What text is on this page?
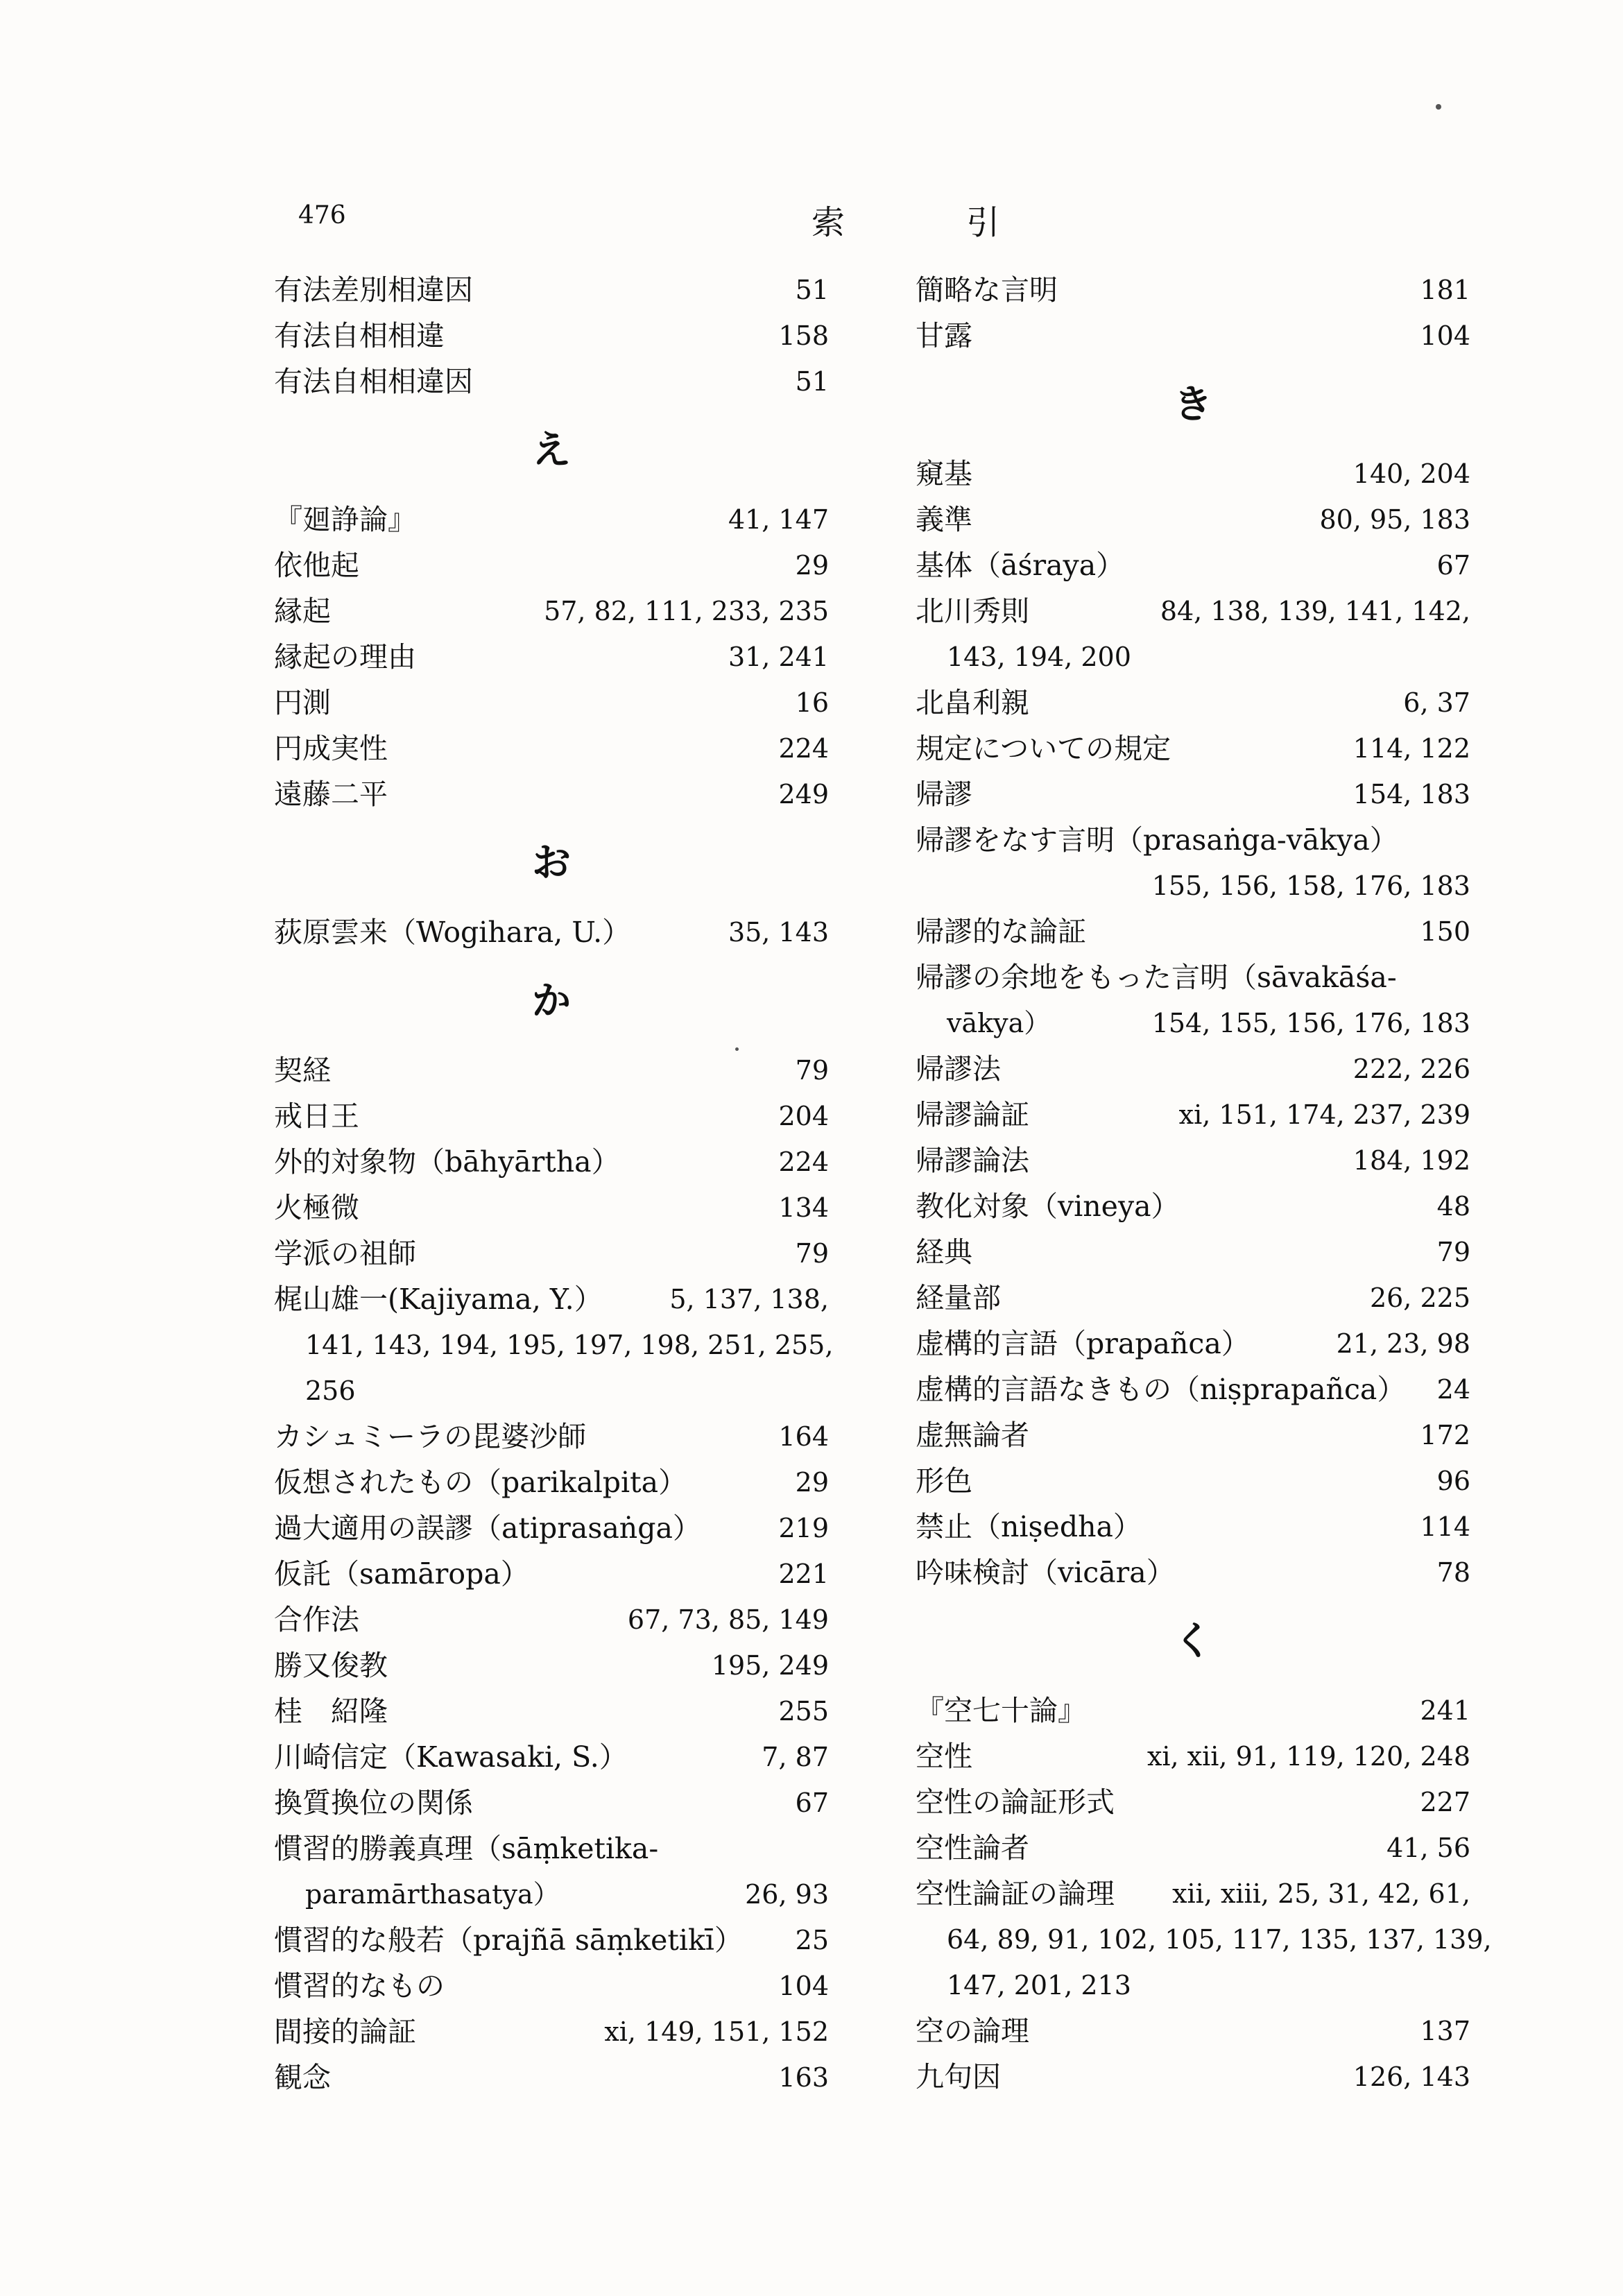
476	索 引
有法差別相違因	51
有法自相相違	158
有法自相相違因	51
え
『廻諍論』	41, 147
依他起	29
縁起	57, 82, 111, 233, 235
縁起の理由	31, 241
円測	16
円成実性	224
遠藤二平	249
お
荻原雲来（Wogihara, U.）	35, 143
か
契経	79
戒日王	204
外的対象物（bāhyārtha）	224
火極微	134
学派の祖師	79
梶山雄一(Kajiyama, Y.）	5, 137, 138,
141, 143, 194, 195, 197, 198, 251, 255,
256
カシュミーラの毘婆沙師	164
仮想されたもの（parikalpita）	29
過大適用の誤謬（atiprasaṅga）	219
仮託（samāropa）	221
合作法	67, 73, 85, 149
勝又俊教	195, 249
桂　紹隆	255
川崎信定（Kawasaki, S.）	7, 87
換質換位の関係	67
慣習的勝義真理（sāṃketika-
paramārthasatya）	26, 93
慣習的な般若（prajñā sāṃketikī） 25
慣習的なもの	104
間接的論証	xi, 149, 151, 152
観念	163
簡略な言明	181
甘露	104
き
窺基	140, 204
義準	80, 95, 183
基体（āśraya）	67
北川秀則	84, 138, 139, 141, 142,
143, 194, 200
北畠利親	6, 37
規定についての規定	114, 122
帰謬	154, 183
帰謬をなす言明（prasaṅga-vākya）
155, 156, 158, 176, 183
帰謬的な論証	150
帰謬の余地をもった言明（sāvakāśa-
vākya）	154, 155, 156, 176, 183
帰謬法	222, 226
帰謬論証	xi, 151, 174, 237, 239
帰謬論法	184, 192
教化対象（vineya）	48
経典	79
経量部	26, 225
虚構的言語（prapañca）	21, 23, 98
虚構的言語なきもの（niṣprapañca） 24
虚無論者	172
形色	96
禁止（niṣedha）	114
吟味検討（vicāra）	78
く
『空七十論』	241
空性	xi, xii, 91, 119, 120, 248
空性の論証形式	227
空性論者	41, 56
空性論証の論理 xii, xiii, 25, 31, 42, 61,
64, 89, 91, 102, 105, 117, 135, 137, 139,
147, 201, 213
空の論理	137
九句因	126, 143
